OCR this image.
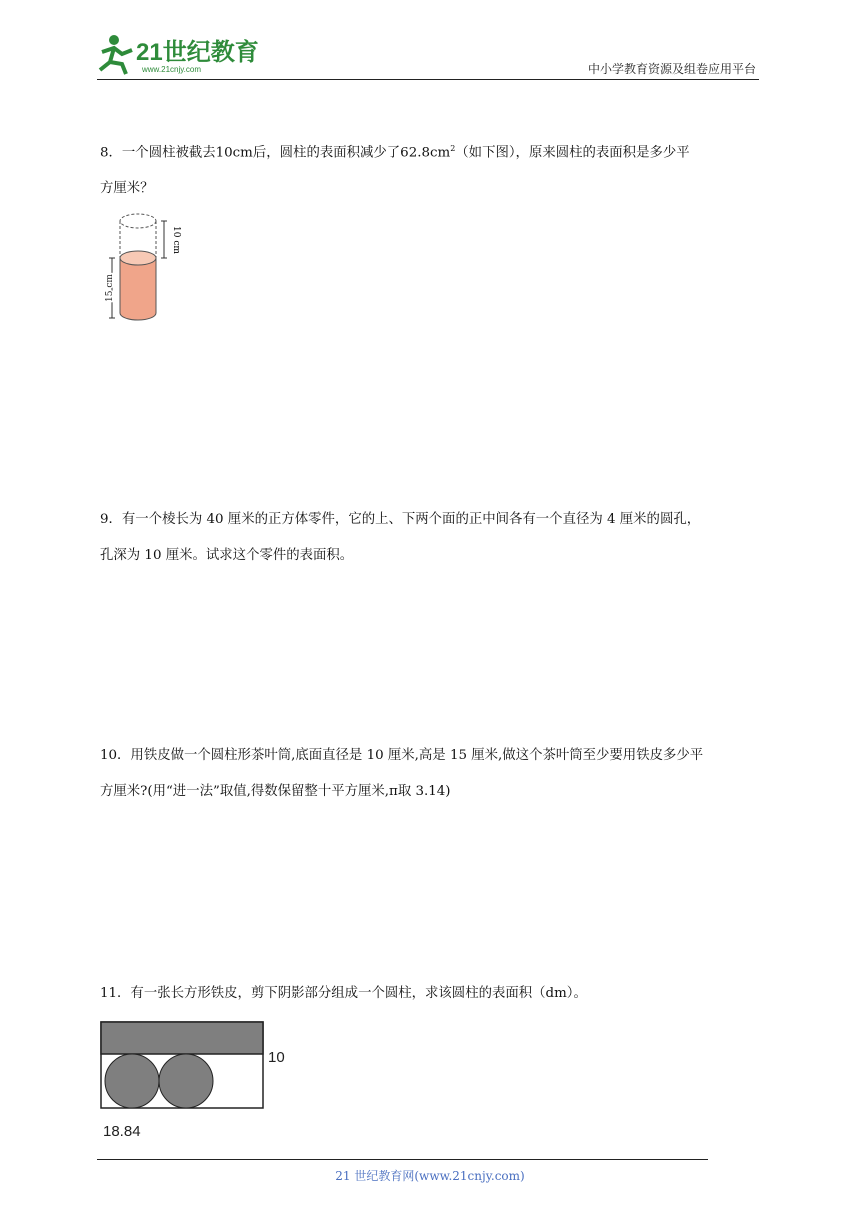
21世纪教育
www.21cnjy.com	中小学教育资源及组卷应用平台
8．一个圆柱被截去10cm后，圆柱的表面积减少了$62.8cm^2$（如下图），原来圆柱的表面积是多少平
方厘米？
10 cm
15 cm
9．有一个棱长为 40 厘米的正方体零件，它的上、下两个面的正中间各有一个直径为 4 厘米的圆孔，
孔深为 10 厘米。试求这个零件的表面积。
10．用铁皮做一个圆柱形茶叶筒,底面直径是 10 厘米,高是 15 厘米,做这个茶叶筒至少要用铁皮多少平
方厘米?(用“进一法”取值,得数保留整十平方厘米,π取 3.14)
11．有一张长方形铁皮，剪下阴影部分组成一个圆柱，求该圆柱的表面积（dm）。
10
18.84
21 世纪教育网(www.21cnjy.com)
